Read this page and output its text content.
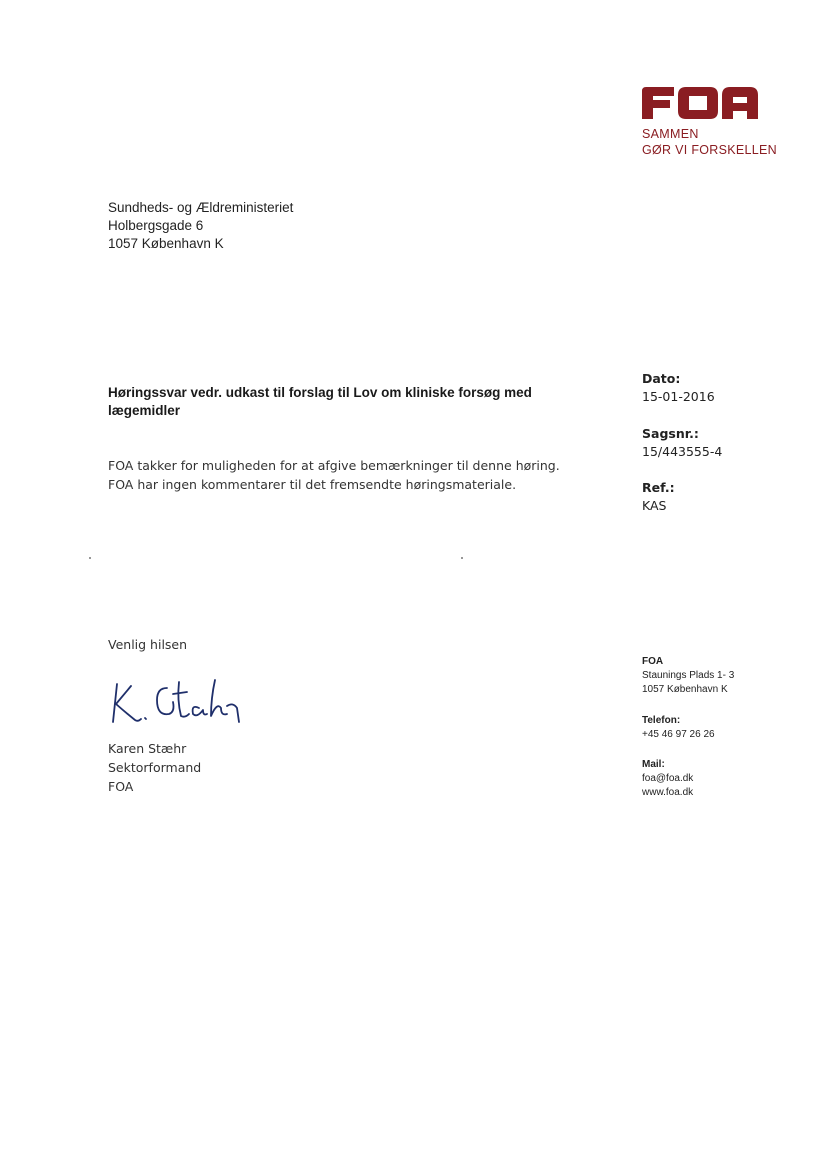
SAMMEN
GØR VI FORSKELLEN
Sundheds- og Ældreministeriet
Holbergsgade 6
1057 København K
Høringssvar vedr. udkast til forslag til Lov om kliniske forsøg med lægemidler
FOA takker for muligheden for at afgive bemærkninger til denne høring.
FOA har ingen kommentarer til det fremsendte høringsmateriale.
Dato:
15-01-2016
Sagsnr.:
15/443555-4
Ref.:
KAS
Venlig hilsen
Karen Stæhr
Sektorformand
FOA
FOA
Staunings Plads 1- 3
1057 København K
Telefon:
+45 46 97 26 26
Mail:
foa@foa.dk
www.foa.dk
